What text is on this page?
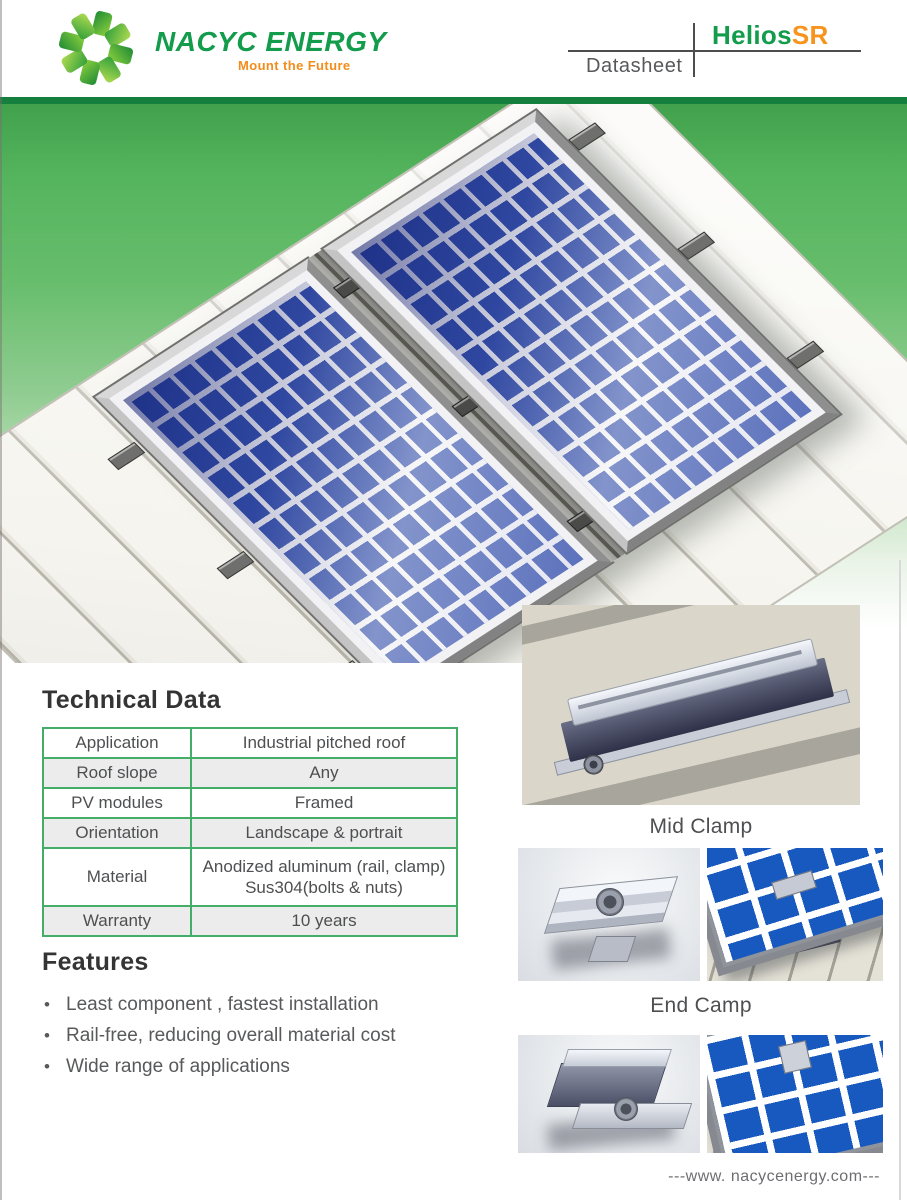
NACYC ENERGY
Mount the Future
HeliosSR
Datasheet
Technical Data
Application	Industrial pitched roof
Roof slope	Any
PV modules	Framed
Orientation	Landscape & portrait
Material	Anodized aluminum (rail, clamp)
Sus304(bolts & nuts)
Warranty	10 years
Features
• Least component , fastest installation
• Rail-free, reducing overall material cost
• Wide range of applications
Mid Clamp
End Camp
---www. nacycenergy.com---
